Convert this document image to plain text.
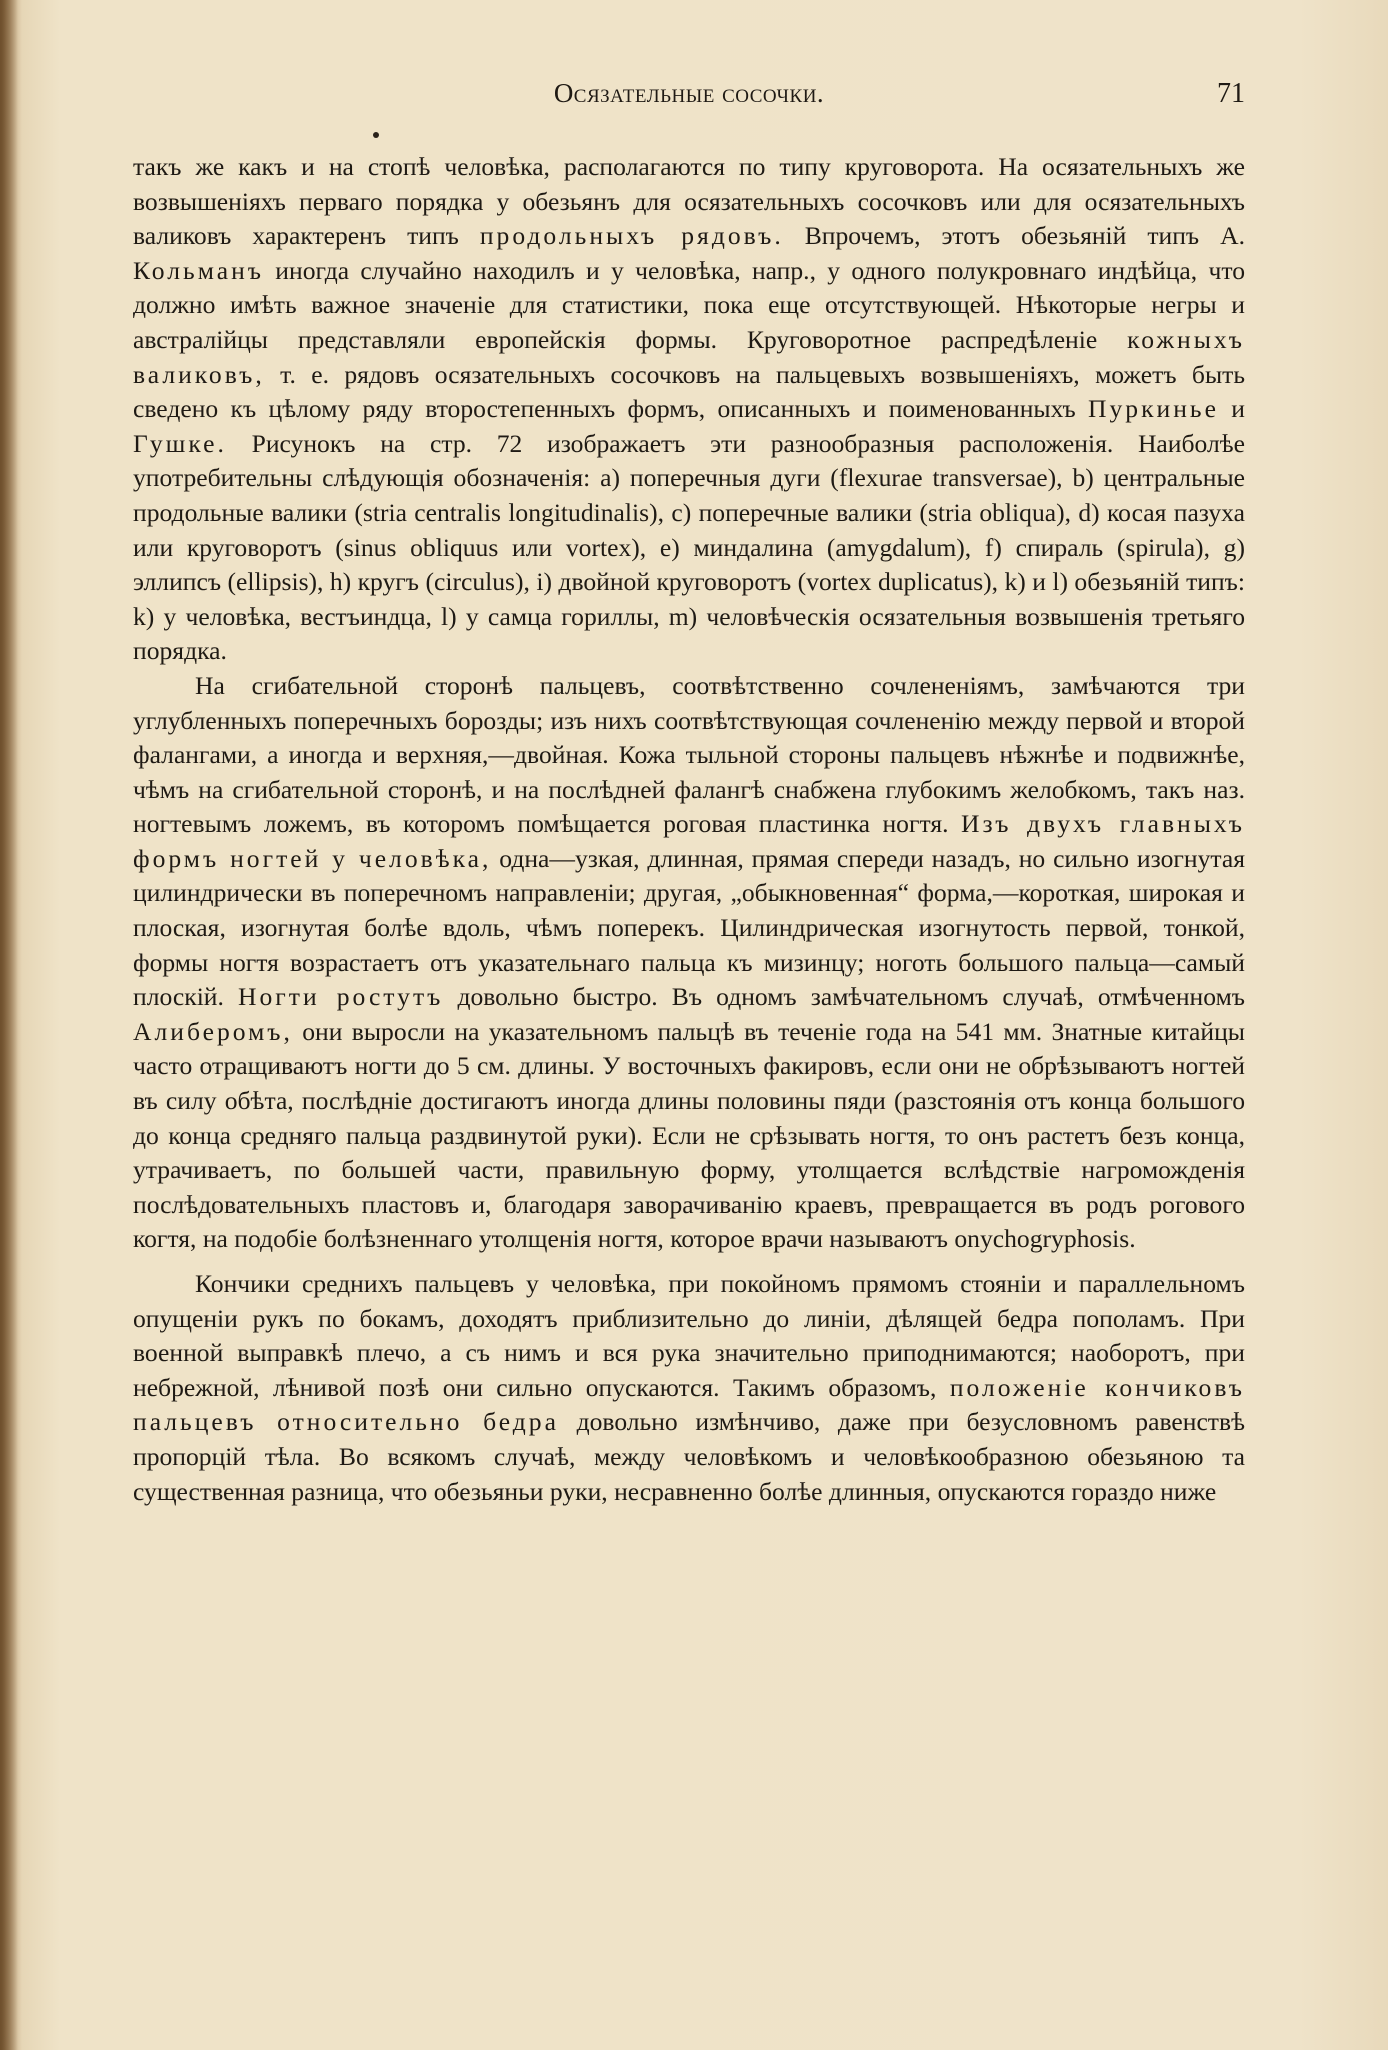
Осязательные сосочки.	71

такъ же какъ и на стопѣ человѣка, располагаются по типу круговорота. На осязательныхъ же возвышеніяхъ перваго порядка у обезьянъ для осязательныхъ сосочковъ или для осязательныхъ валиковъ характеренъ типъ продольныхъ рядовъ. Впрочемъ, этотъ обезьяній типъ А. Кольманъ иногда случайно находилъ и у человѣка, напр., у одного полукровнаго индѣйца, что должно имѣть важное значеніе для статистики, пока еще отсутствующей. Нѣкоторые негры и австралійцы представляли европейскія формы. Круговоротное распредѣленіе кожныхъ валиковъ, т. е. рядовъ осязательныхъ сосочковъ на пальцевыхъ возвышеніяхъ, можетъ быть сведено къ цѣлому ряду второстепенныхъ формъ, описанныхъ и поименованныхъ Пуркинье и Гушке. Рисунокъ на стр. 72 изображаетъ эти разнообразныя расположенія. Наиболѣе употребительны слѣдующія обозначенія: a) поперечныя дуги (flexurae transversae), b) центральные продольные валики (stria centralis longitudinalis), c) поперечные валики (stria obliqua), d) косая пазуха или круговоротъ (sinus obliquus или vortex), e) миндалина (amygdalum), f) спираль (spirula), g) эллипсъ (ellipsis), h) кругъ (circulus), i) двойной круговоротъ (vortex duplicatus), k) и l) обезьяній типъ: k) у человѣка, вестъиндца, l) у самца гориллы, m) человѣческія осязательныя возвышенія третьяго порядка.

На сгибательной сторонѣ пальцевъ, соотвѣтственно сочлененіямъ, замѣчаются три углубленныхъ поперечныхъ борозды; изъ нихъ соотвѣтствующая сочлененію между первой и второй фалангами, а иногда и верхняя,—двойная. Кожа тыльной стороны пальцевъ нѣжнѣе и подвижнѣе, чѣмъ на сгибательной сторонѣ, и на послѣдней фалангѣ снабжена глубокимъ желобкомъ, такъ наз. ногтевымъ ложемъ, въ которомъ помѣщается роговая пластинка ногтя. Изъ двухъ главныхъ формъ ногтей у человѣка, одна—узкая, длинная, прямая спереди назадъ, но сильно изогнутая цилиндрически въ поперечномъ направленіи; другая, „обыкновенная“ форма,—короткая, широкая и плоская, изогнутая болѣе вдоль, чѣмъ поперекъ. Цилиндрическая изогнутость первой, тонкой, формы ногтя возрастаетъ отъ указательнаго пальца къ мизинцу; ноготь большого пальца—самый плоскій. Ногти ростутъ довольно быстро. Въ одномъ замѣчательномъ случаѣ, отмѣченномъ Алиберомъ, они выросли на указательномъ пальцѣ въ теченіе года на 541 мм. Знатные китайцы часто отращиваютъ ногти до 5 см. длины. У восточныхъ факировъ, если они не обрѣзываютъ ногтей въ силу обѣта, послѣдніе достигаютъ иногда длины половины пяди (разстоянія отъ конца большого до конца средняго пальца раздвинутой руки). Если не срѣзывать ногтя, то онъ растетъ безъ конца, утрачиваетъ, по большей части, правильную форму, утолщается вслѣдствіе нагроможденія послѣдовательныхъ пластовъ и, благодаря заворачиванію краевъ, превращается въ родъ рогового когтя, на подобіе болѣзненнаго утолщенія ногтя, которое врачи называютъ onychogryphosis.

Кончики среднихъ пальцевъ у человѣка, при покойномъ прямомъ стояніи и параллельномъ опущеніи рукъ по бокамъ, доходятъ приблизительно до линіи, дѣлящей бедра пополамъ. При военной выправкѣ плечо, а съ нимъ и вся рука значительно приподнимаются; наоборотъ, при небрежной, лѣнивой позѣ они сильно опускаются. Такимъ образомъ, положеніе кончиковъ пальцевъ относительно бедра довольно измѣнчиво, даже при безусловномъ равенствѣ пропорцій тѣла. Во всякомъ случаѣ, между человѣкомъ и человѣкообразною обезьяною та существенная разница, что обезьяньи руки, несравненно болѣе длинныя, опускаются гораздо ниже
